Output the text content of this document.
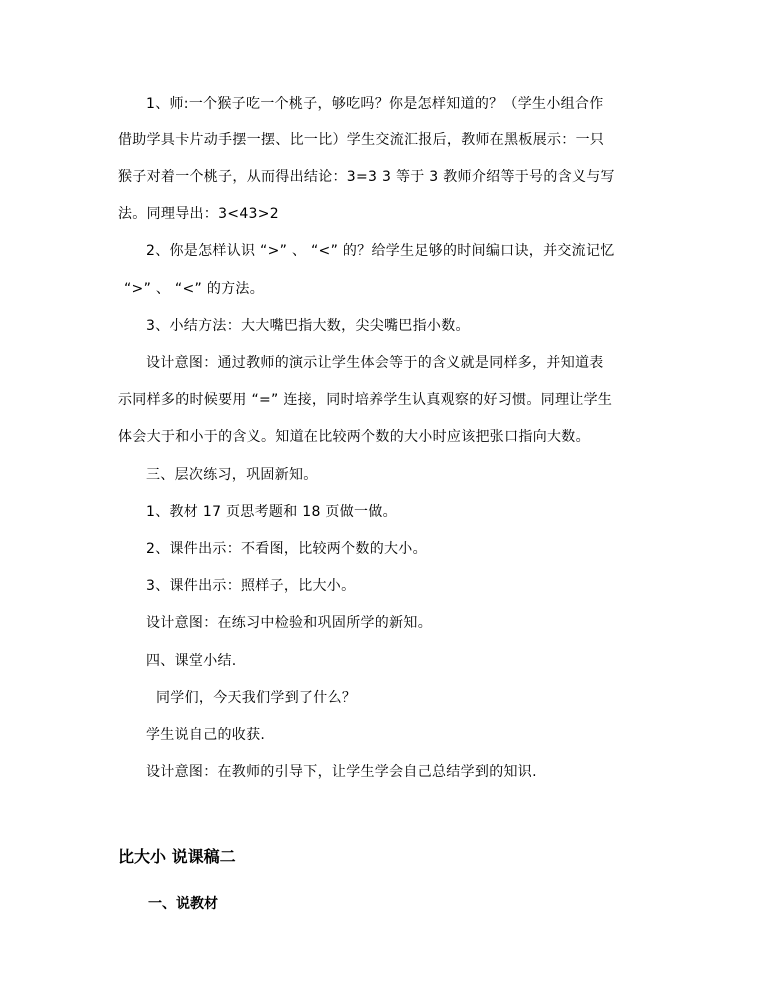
1、师:一个猴子吃一个桃子，够吃吗？你是怎样知道的？（学生小组合作
借助学具卡片动手摆一摆、比一比）学生交流汇报后，教师在黑板展示：一只
猴子对着一个桃子，从而得出结论：3=3 3 等于 3 教师介绍等于号的含义与写
法。同理导出：3<43>2
2、你是怎样认识 “>” 、 “<” 的？给学生足够的时间编口诀，并交流记忆
“>” 、 “<” 的方法。
3、小结方法：大大嘴巴指大数，尖尖嘴巴指小数。
设计意图：通过教师的演示让学生体会等于的含义就是同样多，并知道表
示同样多的时候要用 “=” 连接，同时培养学生认真观察的好习惯。同理让学生
体会大于和小于的含义。知道在比较两个数的大小时应该把张口指向大数。
三、层次练习，巩固新知。
1、教材 17 页思考题和 18 页做一做。
2、课件出示：不看图，比较两个数的大小。
3、课件出示：照样子，比大小。
设计意图：在练习中检验和巩固所学的新知。
四、课堂小结.
同学们，今天我们学到了什么？
学生说自己的收获.
设计意图：在教师的引导下，让学生学会自己总结学到的知识.
比大小 说课稿二
一、说教材
